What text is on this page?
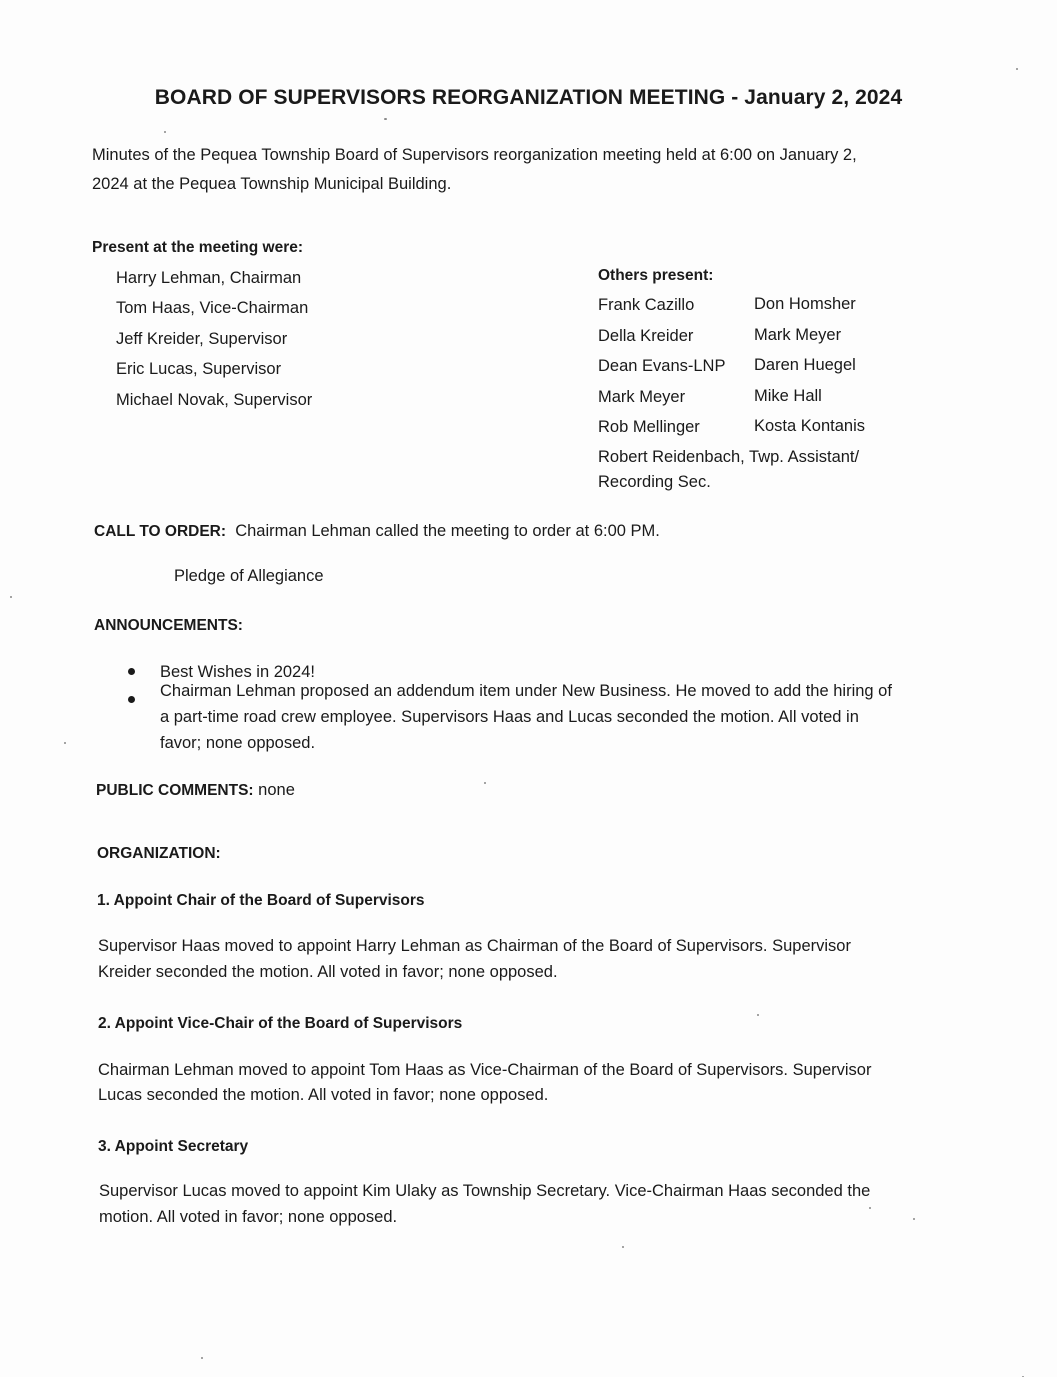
BOARD OF SUPERVISORS REORGANIZATION MEETING - January 2, 2024
Minutes of the Pequea Township Board of Supervisors reorganization meeting held at 6:00 on January 2,
2024 at the Pequea Township Municipal Building.
Present at the meeting were:
Harry Lehman, Chairman
Tom Haas, Vice-Chairman
Jeff Kreider, Supervisor
Eric Lucas, Supervisor
Michael Novak, Supervisor
Others present:
Frank Cazillo
Della Kreider
Dean Evans-LNP
Mark Meyer
Rob Mellinger
Don Homsher
Mark Meyer
Daren Huegel
Mike Hall
Kosta Kontanis
Robert Reidenbach, Twp. Assistant/
Recording Sec.
CALL TO ORDER: Chairman Lehman called the meeting to order at 6:00 PM.
Pledge of Allegiance
ANNOUNCEMENTS:
Best Wishes in 2024!
Chairman Lehman proposed an addendum item under New Business. He moved to add the hiring of
a part-time road crew employee. Supervisors Haas and Lucas seconded the motion. All voted in
favor; none opposed.
PUBLIC COMMENTS: none
ORGANIZATION:
1. Appoint Chair of the Board of Supervisors
Supervisor Haas moved to appoint Harry Lehman as Chairman of the Board of Supervisors. Supervisor
Kreider seconded the motion. All voted in favor; none opposed.
2. Appoint Vice-Chair of the Board of Supervisors
Chairman Lehman moved to appoint Tom Haas as Vice-Chairman of the Board of Supervisors. Supervisor
Lucas seconded the motion. All voted in favor; none opposed.
3. Appoint Secretary
Supervisor Lucas moved to appoint Kim Ulaky as Township Secretary. Vice-Chairman Haas seconded the
motion. All voted in favor; none opposed.
